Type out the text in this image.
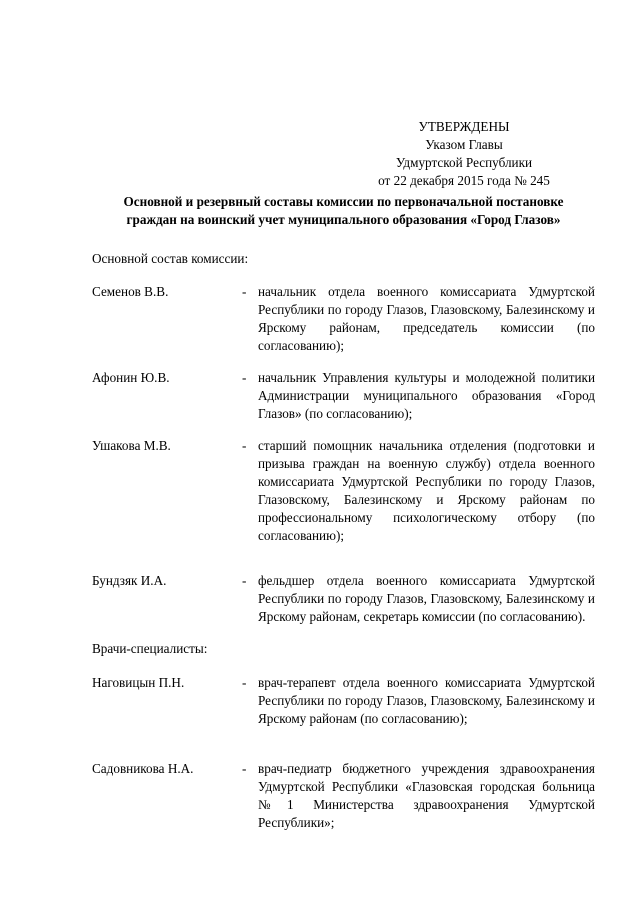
УТВЕРЖДЕНЫ
Указом Главы
Удмуртской Республики
от 22 декабря 2015 года № 245
Основной и резервный составы комиссии по первоначальной постановке
граждан на воинский учет муниципального образования «Город Глазов»
Основной состав комиссии:
Семенов В.В.	- начальник отдела военного комиссариата Удмуртской Республики по городу Глазов, Глазовскому, Балезинскому и Ярскому районам, председатель комиссии (по согласованию);
Афонин Ю.В.	- начальник Управления культуры и молодежной политики Администрации муниципального образования «Город Глазов» (по согласованию);
Ушакова М.В.	- старший помощник начальника отделения (подготовки и призыва граждан на военную службу) отдела военного комиссариата Удмуртской Республики по городу Глазов, Глазовскому, Балезинскому и Ярскому районам по профессиональному психологическому отбору (по согласованию);
Бундзяк И.А.	- фельдшер отдела военного комиссариата Удмуртской Республики по городу Глазов, Глазовскому, Балезинскому и Ярскому районам, секретарь комиссии (по согласованию).
Врачи-специалисты:
Наговицын П.Н.	- врач-терапевт отдела военного комиссариата Удмуртской Республики по городу Глазов, Глазовскому, Балезинскому и Ярскому районам (по согласованию);
Садовникова Н.А.	- врач-педиатр бюджетного учреждения здравоохранения Удмуртской Республики «Глазовская городская больница №1 Министерства здравоохранения Удмуртской Республики»;
